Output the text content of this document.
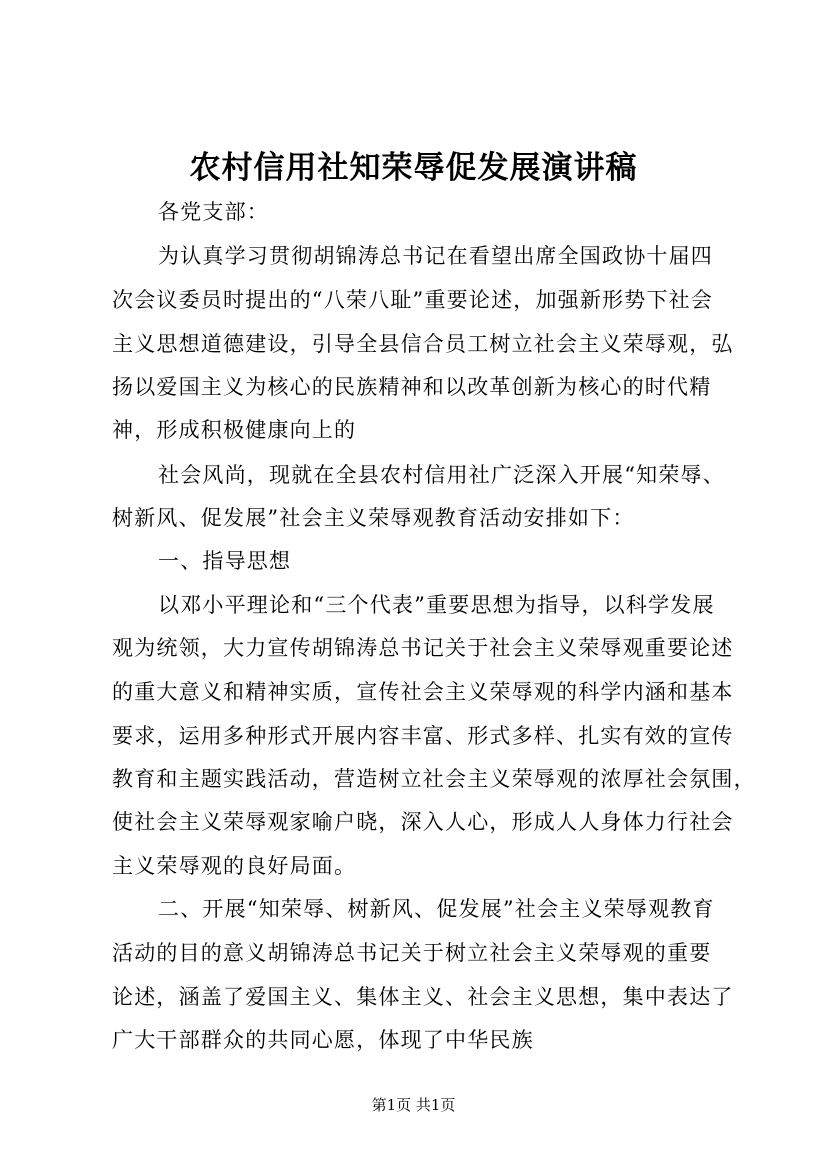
农村信用社知荣辱促发展演讲稿
各党支部：
为认真学习贯彻胡锦涛总书记在看望出席全国政协十届四
次会议委员时提出的“八荣八耻”重要论述，加强新形势下社会
主义思想道德建设，引导全县信合员工树立社会主义荣辱观，弘
扬以爱国主义为核心的民族精神和以改革创新为核心的时代精
神，形成积极健康向上的
社会风尚，现就在全县农村信用社广泛深入开展“知荣辱、
树新风、促发展”社会主义荣辱观教育活动安排如下：
一、指导思想
以邓小平理论和“三个代表”重要思想为指导，以科学发展
观为统领，大力宣传胡锦涛总书记关于社会主义荣辱观重要论述
的重大意义和精神实质，宣传社会主义荣辱观的科学内涵和基本
要求，运用多种形式开展内容丰富、形式多样、扎实有效的宣传
教育和主题实践活动，营造树立社会主义荣辱观的浓厚社会氛围，
使社会主义荣辱观家喻户晓，深入人心，形成人人身体力行社会
主义荣辱观的良好局面。
二、开展“知荣辱、树新风、促发展”社会主义荣辱观教育
活动的目的意义胡锦涛总书记关于树立社会主义荣辱观的重要
论述，涵盖了爱国主义、集体主义、社会主义思想，集中表达了
广大干部群众的共同心愿，体现了中华民族
第1页 共1页
